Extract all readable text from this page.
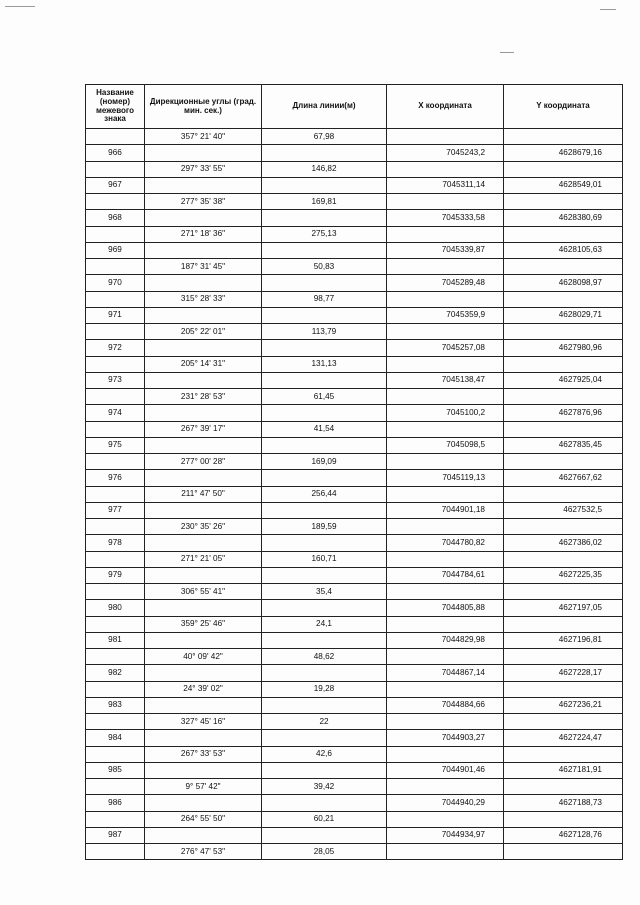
Название (номер) межевого знака	Дирекционные углы (град. мин. сек.)	Длина линии(м)	X координата	Y координата
	357° 21' 40"	67,98		
966			7045243,2	4628679,16
	297° 33' 55"	146,82		
967			7045311,14	4628549,01
	277° 35' 38"	169,81		
968			7045333,58	4628380,69
	271° 18' 36"	275,13		
969			7045339,87	4628105,63
	187° 31' 45"	50,83		
970			7045289,48	4628098,97
	315° 28' 33"	98,77		
971			7045359,9	4628029,71
	205° 22' 01"	113,79		
972			7045257,08	4627980,96
	205° 14' 31"	131,13		
973			7045138,47	4627925,04
	231° 28' 53"	61,45		
974			7045100,2	4627876,96
	267° 39' 17"	41,54		
975			7045098,5	4627835,45
	277° 00' 28"	169,09		
976			7045119,13	4627667,62
	211° 47' 50"	256,44		
977			7044901,18	4627532,5
	230° 35' 26"	189,59		
978			7044780,82	4627386,02
	271° 21' 05"	160,71		
979			7044784,61	4627225,35
	306° 55' 41"	35,4		
980			7044805,88	4627197,05
	359° 25' 46"	24,1		
981			7044829,98	4627196,81
	40° 09' 42"	48,62		
982			7044867,14	4627228,17
	24° 39' 02"	19,28		
983			7044884,66	4627236,21
	327° 45' 16"	22		
984			7044903,27	4627224,47
	267° 33' 53"	42,6		
985			7044901,46	4627181,91
	9° 57' 42"	39,42		
986			7044940,29	4627188,73
	264° 55' 50"	60,21		
987			7044934,97	4627128,76
	276° 47' 53"	28,05		
